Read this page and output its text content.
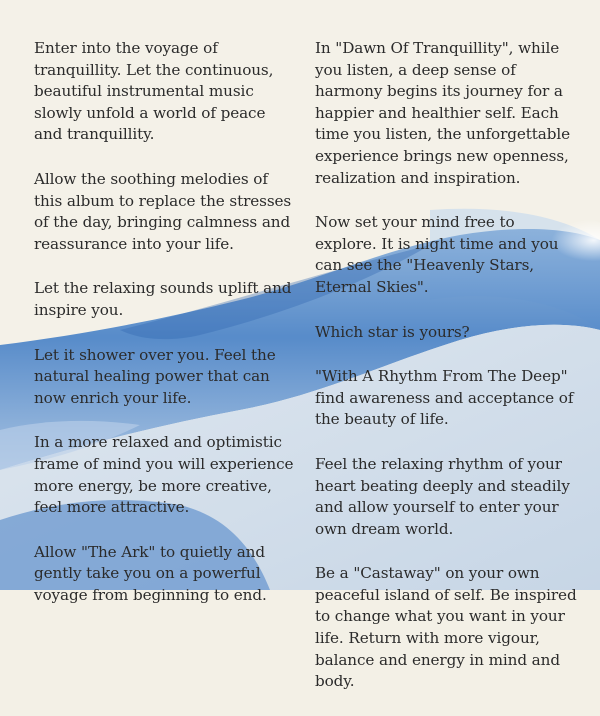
Enter into the voyage of tranquillity. Let the continuous, beautiful instrumental music slowly unfold a world of peace and tranquillity.

Allow the soothing melodies of this album to replace the stresses of the day, bringing calmness and reassurance into your life.

Let the relaxing sounds uplift and inspire you.

Let it shower over you. Feel the natural healing power that can now enrich your life.

In a more relaxed and optimistic frame of mind you will experience more energy, be more creative, feel more attractive.

Allow "The Ark" to quietly and gently take you on a powerful voyage from beginning to end.

In "Dawn Of Tranquillity", while you listen, a deep sense of harmony begins its journey for a happier and healthier self. Each time you listen, the unforgettable experience brings new openness, realization and inspiration.

Now set your mind free to explore. It is night time and you can see the "Heavenly Stars, Eternal Skies".

Which star is yours?

"With A Rhythm From The Deep" find awareness and acceptance of the beauty of life.

Feel the relaxing rhythm of your heart beating deeply and steadily and allow yourself to enter your own dream world.

Be a "Castaway" on your own peaceful island of self. Be inspired to change what you want in your life. Return with more vigour, balance and energy in mind and body.
